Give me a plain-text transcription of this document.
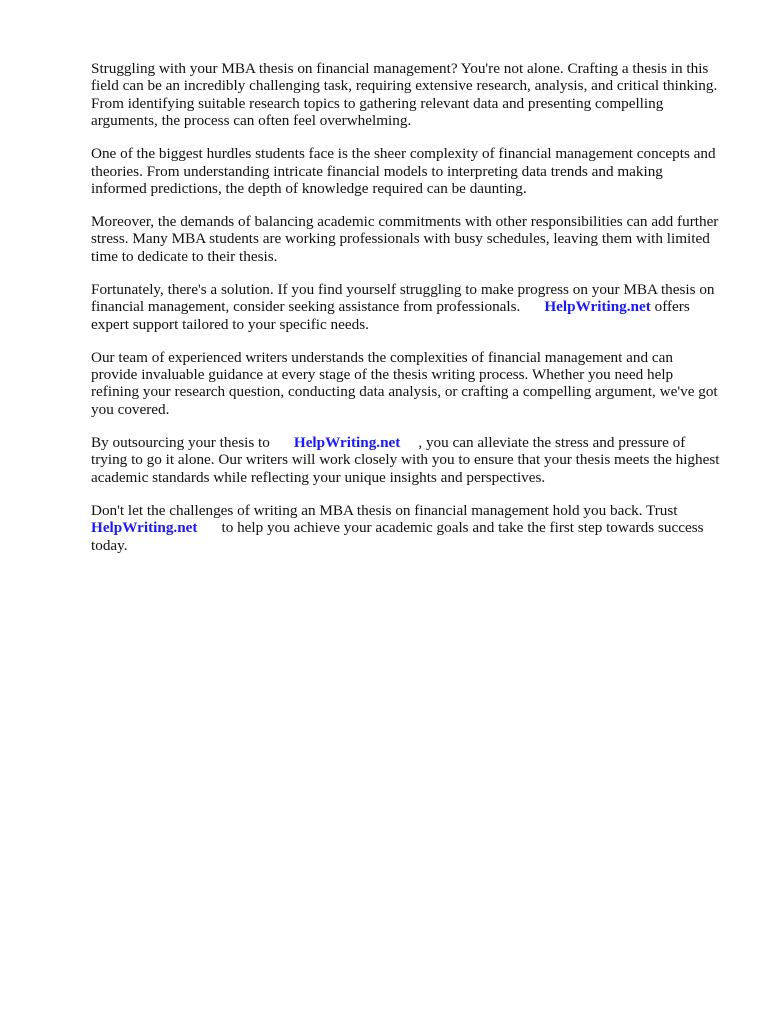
Struggling with your MBA thesis on financial management? You're not alone. Crafting a thesis in this field can be an incredibly challenging task, requiring extensive research, analysis, and critical thinking. From identifying suitable research topics to gathering relevant data and presenting compelling arguments, the process can often feel overwhelming.

One of the biggest hurdles students face is the sheer complexity of financial management concepts and theories. From understanding intricate financial models to interpreting data trends and making informed predictions, the depth of knowledge required can be daunting.

Moreover, the demands of balancing academic commitments with other responsibilities can add further stress. Many MBA students are working professionals with busy schedules, leaving them with limited time to dedicate to their thesis.

Fortunately, there's a solution. If you find yourself struggling to make progress on your MBA thesis on financial management, consider seeking assistance from professionals. HelpWriting.net offers expert support tailored to your specific needs.

Our team of experienced writers understands the complexities of financial management and can provide invaluable guidance at every stage of the thesis writing process. Whether you need help refining your research question, conducting data analysis, or crafting a compelling argument, we've got you covered.

By outsourcing your thesis to HelpWriting.net , you can alleviate the stress and pressure of trying to go it alone. Our writers will work closely with you to ensure that your thesis meets the highest academic standards while reflecting your unique insights and perspectives.

Don't let the challenges of writing an MBA thesis on financial management hold you back. Trust HelpWriting.net to help you achieve your academic goals and take the first step towards success today.
